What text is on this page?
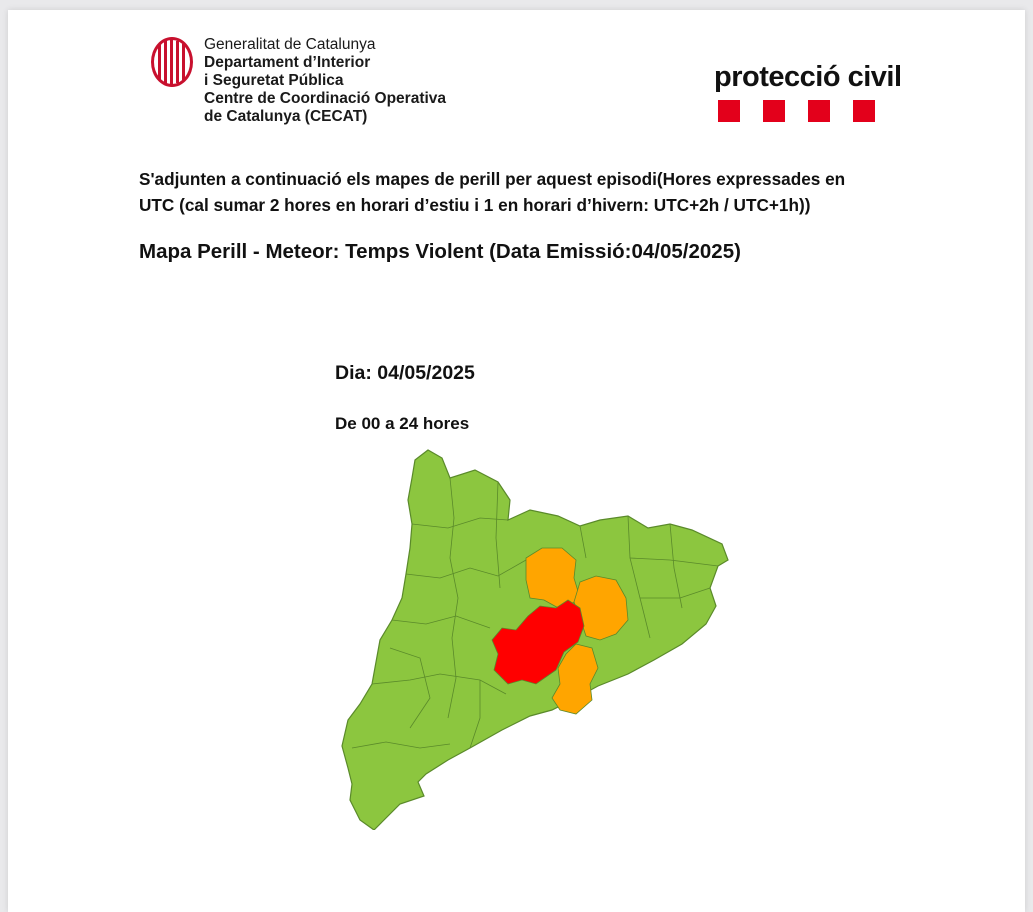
Generalitat de Catalunya
Departament d’Interior
i Seguretat Pública
Centre de Coordinació Operativa
de Catalunya (CECAT)
protecció civil
S'adjunten a continuació els mapes de perill per aquest episodi(Hores expressades en
UTC (cal sumar 2 hores en horari d’estiu i 1 en horari d’hivern: UTC+2h / UTC+1h))
Mapa Perill - Meteor: Temps Violent (Data Emissió:04/05/2025)
Dia: 04/05/2025
De 00 a 24 hores
